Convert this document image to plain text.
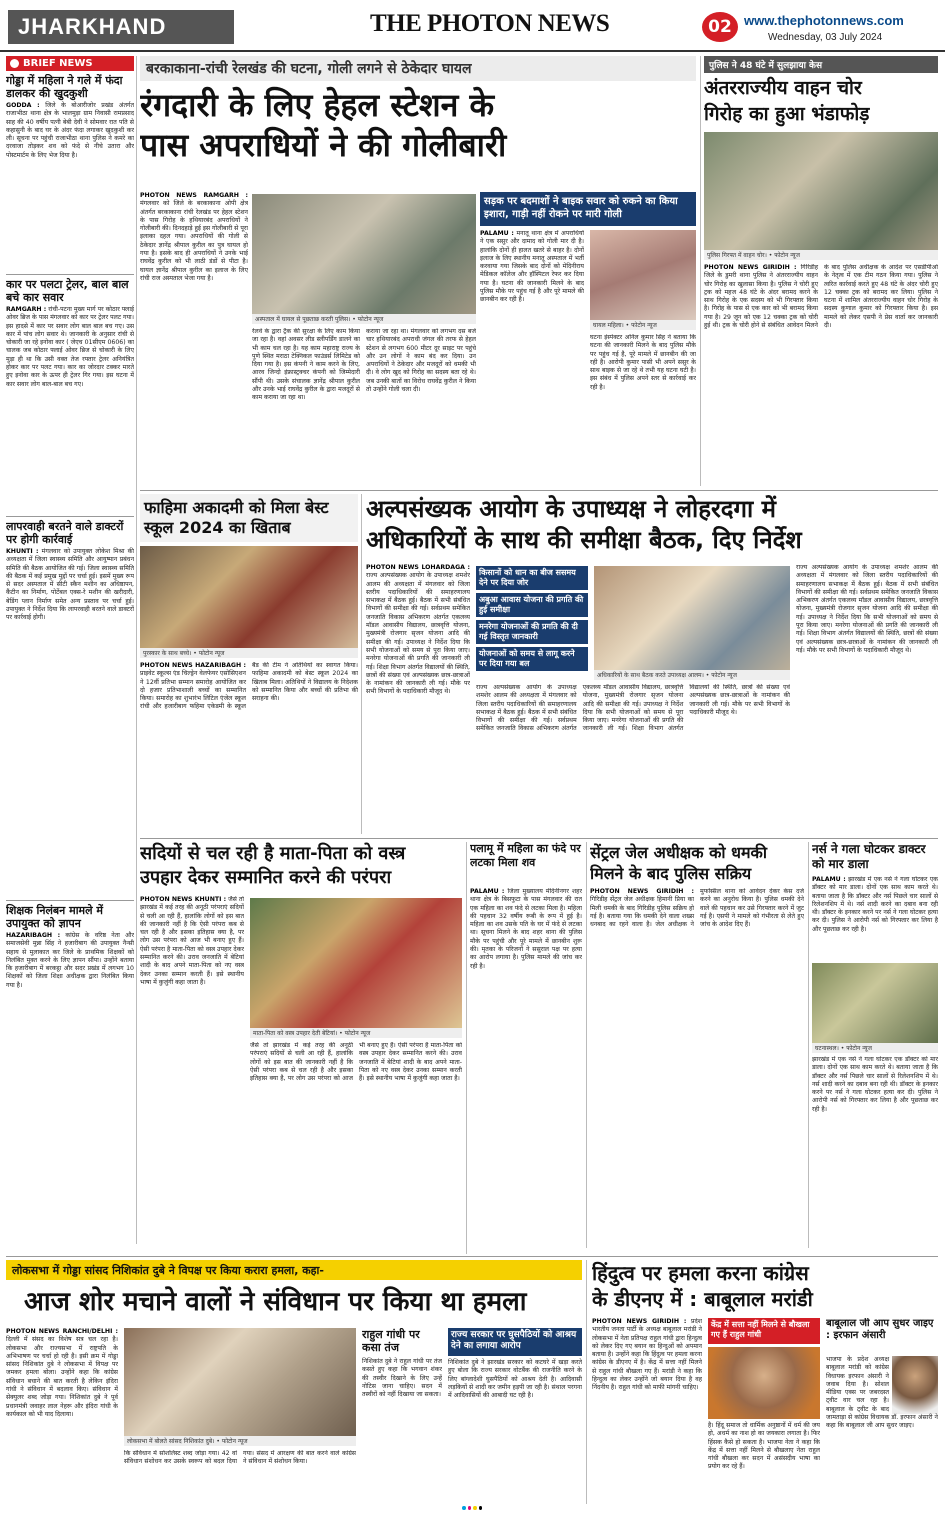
JHARKHAND	THE PHOTON NEWS	02 www.thephotonnews.com
Wednesday, 03 July 2024
BRIEF NEWS
गोड्डा में महिला ने गले में फंदा डालकर की खुदकुशी
GODDA : जिले के बोआरीजोर प्रखंड अंतर्गत राजाभीठा थाना क्षेत्र के भालमुड़ा ग्राम निवासी रामप्रसाद साह की 40 वर्षीय पत्नी बेबी देवी ने सोमवार रात पति से कहासुनी के बाद घर के अंदर फंदा लगाकर खुदकुशी कर ली। सूचना पर पहुंची राजाभीठा थाना पुलिस ने कमरे का दरवाजा तोड़कर शव को फंदे से नीचे उतारा और पोस्टमार्टम के लिए भेज दिया है।
कार पर पलटा ट्रेलर, बाल बाल बचे कार सवार
RAMGARH : रांची-पटना मुख्य मार्ग पर कोठार फ्लाई ओवर ब्रिज के पास मंगलवार को कार पर ट्रेलर पलट गया। इस हादसे में कार पर सवार लोग बाल बाल बच गए। उस कार में पांच लोग सवार थे। जानकारी के अनुसार रांची से चोकारी जा रहे इनोवा कार ( जेएच 01सीएम 0606) का चालक जब कोठार फ्लाई ओवर ब्रिज से चोकारी के लिए मुड़ा ही था कि उसी वक्त तेज रफ्तार ट्रेलर अनियंत्रित होकर कार पर पलट गया। कार का जोरदार टक्कर मारते हुए इनोवा कार के ऊपर ही ट्रेलर गिर गया। इस घटना में कार सवार लोग बाल-बाल बच गए।
लापरवाही बरतने वाले डाक्टरों पर होगी कार्रवाई
KHUNTI : मंगलवार को उपायुक्त लोकेश मिश्रा की अध्यक्षता में जिला स्वास्थ्य समिति और आयुष्मान प्रबंधन समिति की बैठक आयोजित की गई। जिला स्वास्थ्य समिति की बैठक में कई प्रमुख मुद्दों पर चर्चा हुई। इसमें मुख्य रूप से सदर अस्पताल में सीटी स्कैन मशीन का अधिष्ठापन, कैंटीन का निर्माण, पोर्टेबल एक्स-रे मशीन की खरीदारी, बेडिंग प्लान निर्माण समेत अन्य प्रस्ताव पर चर्चा हुई। उपायुक्त ने निर्देश दिया कि लापरवाही बरतने वाले डाक्टरों पर कार्रवाई होगी।
शिक्षक निलंबन मामले में उपायुक्त को ज्ञापन
HAZARIBAGH : कांग्रेस के वरिष्ठ नेता और समाजसेवी मुन्ना सिंह ने हजारीबाग की उपायुक्त नैन्सी सहाय से मुलाकात कर जिले के प्राथमिक शिक्षकों को निलंबित मुक्त करने के लिए ज्ञापन सौंपा। उन्होंने बताया कि हजारीबाग में बरकट्ठा और सदर प्रखंड में लगभग 10 शिक्षकों को जिला शिक्षा अधीक्षक द्वारा निलंबित किया गया है।
बरकाकाना-रांची रेलखंड की घटना, गोली लगने से ठेकेदार घायल
रंगदारी के लिए हेहल स्टेशन के
पास अपराधियों ने की गोलीबारी
PHOTON NEWS RAMGARH : मंगलवार को जिले के बरकाकाना ओपी क्षेत्र अंतर्गत बरकाकाना रांची रेलखंड पर हेहल स्टेशन के पास गिरोह के हथियारबंद अपराधियों ने गोलीबारी की। दिनदहाड़े हुई इस गोलीबारी से पूरा इलाका दहल गया। अपराधियों की गोली से ठेकेदार ज्ञानेंद्र श्रीपाल कुरील का पुत्र घायल हो गया है। इसके बाद ही अपराधियों ने उनके भाई राघवेंद्र कुरील को भी लाठी डंडों से पीटा है। घायल ज्ञानेंद्र श्रीपाल कुरील का इलाज के लिए रांची राज अस्पताल भेजा गया है।
अस्पताल में घायल से पूछताछ करती पुलिस। • फोटोन न्यूज
रेलवे के द्वारा ट्रैक की सुरक्षा के लिए काम किया जा रहा है। वहां अवसर लीड स्लीपर्डिंग डालने का भी काम चल रहा है। यह काम महाराष्ट्र राज्य के पुणे स्थित मराठा टेक्निकल फाउंडर्स लिमिटेड को दिया गया है। इस कंपनी ने काम करने के लिए, आरव जिन्दो इंफ्रास्ट्रक्चर कंपनी को जिम्मेदारी सौंपी थी। उसके संचालक ज्ञानेंद्र श्रीपाल कुरील और उनके भाई राघवेंद्र कुरील के द्वारा मजदूरों से काम कराया जा रहा था।
कराया जा रहा था। मंगलवार को लगभग दस बजे चार हथियारबंद अपराधी जंगल की तरफ से हेहल स्टेशन से लगभग 600 मीटर दूर साइट पर पहुंचे और उन लोगों ने काम बंद कर दिया। उन अपराधियों ने ठेकेदार और मजदूरों को धमकी भी दी। वे लोग खुद को गिरोह का सदस्य बता रहे थे। जब उनकी बातों का विरोध राघवेंद्र कुरील ने किया तो उन्होंने गोली चला दी।
सड़क पर बदमाशों ने बाइक सवार को रुकने का किया इशारा, गाड़ी नहीं रोकने पर मारी गोली
PALAMU : मनातू थाना क्षेत्र में अपराधियों ने एक ससुर और दामाद को गोली मार दी है। हालांकि दोनों ही हालत खतरे से बाहर है। दोनों इलाज के लिए स्थानीय मनातू अस्पताल में भर्ती करवाया गया जिसके बाद दोनों को मेदिनीराय मेडिकल कॉलेज और हॉस्पिटल रेफर कर दिया गया है। घटना की जानकारी मिलने के बाद पुलिस मौके पर पहुंच गई है और पूरे मामले की छानबीन कर रही है।
घायल महिला। • फोटोन न्यूज
घटना इंस्पेक्टर अनिल कुमार सिंह ने बताया कि घटना की जानकारी मिलने के बाद पुलिस मौके पर पहुंच गई है, पूरे मामले में छानबीन की जा रही है। आरोपी कुमार पासी भी अपने ससुर के साथ बाइक से जा रहे थे तभी यह घटना घटी है। इस संबंध में पुलिस अपने स्तर से कार्रवाई कर रही है।
पुलिस ने 48 घंटे में सुलझाया केस
अंतरराज्यीय वाहन चोर
गिरोह का हुआ भंडाफोड़
पुलिस गिरफ्त में वाहन चोर। • फोटोन न्यूज
PHOTON NEWS GIRIDIH : गिरिडीह जिले के डुमरी थाना पुलिस ने अंतरराज्यीय वाहन चोर गिरोह का खुलासा किया है। पुलिस ने चोरी हुए ट्रक को महज 48 घंटे के अंदर बरामद करने के साथ गिरोह के एक सदस्य को भी गिरफ्तार किया है। गिरोह के पास से एक कार को भी बरामद किया गया है। 29 जून को एक 12 चक्का ट्रक को चोरी हुई थी। ट्रक के चोरी होने से संबंधित आवेदन मिलने के बाद पुलिस अधीक्षक के आदेश पर एसडीपीओ के नेतृत्व में एक टीम गठन किया गया। पुलिस ने त्वरित कार्रवाई करते हुए 48 घंटे के अंदर चोरी हुए 12 चक्का ट्रक को बरामद कर लिया। पुलिस ने घटना में शामिल अंतरराज्यीय वाहन चोर गिरोह के सदस्य कुणाल कुमार को गिरफ्तार किया है। इस मामले को लेकर एसपी ने प्रेस वार्ता कर जानकारी दी।
फाहिमा अकादमी को मिला बेस्ट स्कूल 2024 का खिताब
पुरस्कार के साथ बच्चे। • फोटोन न्यूज
PHOTON NEWS HAZARIBAGH : प्राइवेट स्कूल्स एंड चिल्ड्रेन वेलफेयर एसोसिएशन ने 12वीं प्रतिभा सम्मान समारोह आयोजित कर दो हजार प्रतिभाशाली बच्चों का सम्मानित किया। समारोह का शुभारंभ लिटिल एंजेल स्कूल रांची और हजारीबाग फहिमा एकेडमी के स्कूल बैंड की टीम ने अतिथियों का स्वागत किया। फाहिमा अकादमी को बेस्ट स्कूल 2024 का खिताब मिला। अतिथियों ने विद्यालय के निदेशक को सम्मानित किया और बच्चों की प्रतिभा की सराहना की।
अल्पसंख्यक आयोग के उपाध्यक्ष ने लोहरदगा में
अधिकारियों के साथ की समीक्षा बैठक, दिए निर्देश
PHOTON NEWS LOHARDAGA : राज्य अल्पसंख्यक आयोग के उपाध्यक्ष शमशेर आलम की अध्यक्षता में मंगलवार को जिला स्तरीय पदाधिकारियों की समाहरणालय सभाकक्ष में बैठक हुई। बैठक में सभी संबंधित विभागों की समीक्षा की गई। सर्वप्रथम समेकित जनजाति विकास अभिकरण अंतर्गत एकलव्य मॉडल आवासीय विद्यालय, छात्रवृत्ति योजना, मुख्यमंत्री रोजगार सृजन योजना आदि की समीक्षा की गई। उपाध्यक्ष ने निर्देश दिया कि सभी योजनाओं को समय से पूरा किया जाए। मनरेगा योजनाओं की प्रगति की जानकारी ली गई। शिक्षा विभाग अंतर्गत विद्यालयों की स्थिति, छात्रों की संख्या एवं अल्पसंख्यक छात्र-छात्राओं के नामांकन की जानकारी ली गई। मौके पर सभी विभागों के पदाधिकारी मौजूद थे।
किसानों को धान का बीज ससमय देने पर दिया जोर
अबुआ आवास योजना की प्रगति की हुई समीक्षा
मनरेगा योजनाओं की प्रगति की दी गई विस्तृत जानकारी
योजनाओं को समय से लागू करने पर दिया गया बल
अधिकारियों के साथ बैठक करते उपाध्यक्ष आलम। • फोटोन न्यूज
राज्य अल्पसंख्यक आयोग के उपाध्यक्ष शमशेर आलम की अध्यक्षता में मंगलवार को जिला स्तरीय पदाधिकारियों की समाहरणालय सभाकक्ष में बैठक हुई। बैठक में सभी संबंधित विभागों की समीक्षा की गई। सर्वप्रथम समेकित जनजाति विकास अभिकरण अंतर्गत एकलव्य मॉडल आवासीय विद्यालय, छात्रवृत्ति योजना, मुख्यमंत्री रोजगार सृजन योजना आदि की समीक्षा की गई। उपाध्यक्ष ने निर्देश दिया कि सभी योजनाओं को समय से पूरा किया जाए। मनरेगा योजनाओं की प्रगति की जानकारी ली गई। शिक्षा विभाग अंतर्गत विद्यालयों की स्थिति, छात्रों की संख्या एवं अल्पसंख्यक छात्र-छात्राओं के नामांकन की जानकारी ली गई। मौके पर सभी विभागों के पदाधिकारी मौजूद थे।
राज्य अल्पसंख्यक आयोग के उपाध्यक्ष शमशेर आलम की अध्यक्षता में मंगलवार को जिला स्तरीय पदाधिकारियों की समाहरणालय सभाकक्ष में बैठक हुई। बैठक में सभी संबंधित विभागों की समीक्षा की गई। सर्वप्रथम समेकित जनजाति विकास अभिकरण अंतर्गत एकलव्य मॉडल आवासीय विद्यालय, छात्रवृत्ति योजना, मुख्यमंत्री रोजगार सृजन योजना आदि की समीक्षा की गई। उपाध्यक्ष ने निर्देश दिया कि सभी योजनाओं को समय से पूरा किया जाए। मनरेगा योजनाओं की प्रगति की जानकारी ली गई। शिक्षा विभाग अंतर्गत विद्यालयों की स्थिति, छात्रों की संख्या एवं अल्पसंख्यक छात्र-छात्राओं के नामांकन की जानकारी ली गई। मौके पर सभी विभागों के पदाधिकारी मौजूद थे।
सदियों से चल रही है माता-पिता को वस्त्र
उपहार देकर सम्मानित करने की परंपरा
PHOTON NEWS KHUNTI : जैसे तो झारखंड में कई तरह की अनूठी परंपराएं सदियों से चली आ रही हैं, हालांकि लोगों को इस बात की जानकारी नहीं है कि ऐसी परंपरा कब से चल रही है और इसका इतिहास क्या है, पर लोग उस परंपरा को आज भी बनाए हुए हैं। ऐसी परंपरा है माता-पिता को वस्त्र उपहार देकर सम्मानित करने की। उराव जनजाति में बेटियां शादी के बाद अपने माता-पिता को नए वस्त्र देकर उनका सम्मान करती हैं। इसे स्थानीय भाषा में कुजुंगी कहा जाता है।
माता-पिता को वस्त्र उपहार देती बेटियां। • फोटोन न्यूज
जैसे तो झारखंड में कई तरह की अनूठी परंपराएं सदियों से चली आ रही हैं, हालांकि लोगों को इस बात की जानकारी नहीं है कि ऐसी परंपरा कब से चल रही है और इसका इतिहास क्या है, पर लोग उस परंपरा को आज भी बनाए हुए हैं। ऐसी परंपरा है माता-पिता को वस्त्र उपहार देकर सम्मानित करने की। उराव जनजाति में बेटियां शादी के बाद अपने माता-पिता को नए वस्त्र देकर उनका सम्मान करती हैं। इसे स्थानीय भाषा में कुजुंगी कहा जाता है।
पलामू में महिला का फंदे पर लटका मिला शव
PALAMU : जिला मुख्यालय मेदिनीनगर शहर थाना क्षेत्र के बिसफुटा के पास मंगलवार की रात एक महिला का शव फंदे से लटका मिला है। महिला की पहचान 32 वर्षीय रूबी के रूप में हुई है। महिला का शव उसके पति के घर में फंदे से लटका था। सूचना मिलने के बाद शहर थाना की पुलिस मौके पर पहुंची और पूरे मामले में छानबीन शुरू की। मृतका के परिजनों ने ससुराल पक्ष पर हत्या का आरोप लगाया है। पुलिस मामले की जांच कर रही है।
सेंट्रल जेल अधीक्षक को धमकी
मिलने के बाद पुलिस सक्रिय
PHOTON NEWS GIRIDIH : गिरिडीह सेंट्रल जेल अधीक्षक हिमानी प्रिया का मिली धमकी के बाद गिरिडीह पुलिस सक्रिय हो गई है। बताया गया कि धमकी देने वाला शख्स धनबाद का रहने वाला है। जेल अधीक्षक ने मुफस्सिल थाना को आवेदन देकर केस दर्ज करने का अनुरोध किया है। पुलिस धमकी देने वाले की पहचान कर उसे गिरफ्तार करने में जुट गई है। एसपी ने मामले को गंभीरता से लेते हुए जांच के आदेश दिए हैं।
नर्स ने गला घोटकर डाक्टर को मार डाला
PALAMU : झारखंड में एक नर्स ने गला घोटकर एक डॉक्टर को मार डाला। दोनों एक साथ काम करते थे। बताया जाता है कि डॉक्टर और नर्स पिछले चार सालों से रिलेशनशिप में थे। नर्स शादी करने का दबाव बना रही थी। डॉक्टर के इनकार करने पर नर्स ने गला घोटकर हत्या कर दी। पुलिस ने आरोपी नर्स को गिरफ्तार कर लिया है और पूछताछ कर रही है।
घटनास्थल। • फोटोन न्यूज
झारखंड में एक नर्स ने गला घोटकर एक डॉक्टर को मार डाला। दोनों एक साथ काम करते थे। बताया जाता है कि डॉक्टर और नर्स पिछले चार सालों से रिलेशनशिप में थे। नर्स शादी करने का दबाव बना रही थी। डॉक्टर के इनकार करने पर नर्स ने गला घोटकर हत्या कर दी। पुलिस ने आरोपी नर्स को गिरफ्तार कर लिया है और पूछताछ कर रही है।
लोकसभा में गोड्डा सांसद निशिकांत दुबे ने विपक्ष पर किया करारा हमला, कहा-
आज शोर मचाने वालों ने संविधान पर किया था हमला
PHOTON NEWS RANCHI/DELHI : दिल्ली में संसद का विशेष सत्र चल रहा है। लोकसभा और राज्यसभा में राष्ट्रपति के अभिभाषण पर चर्चा हो रही है। इसी क्रम में गोड्डा सांसद निशिकांत दुबे ने लोकसभा में विपक्ष पर जमकर हमला बोला। उन्होंने कहा कि कांग्रेस संविधान बचाने की बात करती है लेकिन इंदिरा गांधी ने संविधान में बदलाव किए। संविधान में सेक्युलर शब्द जोड़ा गया। निशिकांत दुबे ने पूर्व प्रधानमंत्री जवाहर लाल नेहरू और इंदिरा गांधी के कार्यकाल को भी याद दिलाया।
लोकसभा में बोलते सांसद निशिकांत दुबे। • फोटोन न्यूज
कि संविधान में सोशलिस्ट शब्द जोड़ा गया। 42 वां संविधान संशोधन कर उसके स्वरूप को बदल दिया गया। संसद में आरक्षण की बात करने वाले कांग्रेस ने संविधान में संशोधन किया।
राहुल गांधी पर कसा तंज
निशिकांत दुबे ने राहुल गांधी पर तंज कसते हुए कहा कि भगवान शंकर की तस्वीर दिखाने के लिए उन्हें नोटिस जाना चाहिए। सदन में तस्वीरों को नहीं दिखाया जा सकता।
राज्य सरकार पर घुसपैठियों को आश्रय देने का लगाया आरोप
निशिकांत दुबे ने झारखंड सरकार को कटघरे में खड़ा करते हुए बोला कि राज्य सरकार वोटबैंक की राजनीति करने के लिए बांग्लादेशी घुसपैठियों को आश्रय देती है। आदिवासी लड़कियों से शादी कर जमीन हड़पी जा रही है। संथाल परगना में आदिवासियों की आबादी घट रही है।
हिंदुत्व पर हमला करना कांग्रेस
के डीएनए में : बाबूलाल मरांडी
PHOTON NEWS GIRIDIH : प्रदेश भारतीय जनता पार्टी के अध्यक्ष बाबूलाल मरांडी ने लोकसभा में नेता प्रतिपक्ष राहुल गांधी द्वारा हिन्दुत्व को लेकर दिए गए बयान का हिन्दुओं को अपमान बताया है। उन्होंने कहा कि हिंदुत्व पर हमला करना कांग्रेस के डीएनए में है। केंद्र में सत्ता नहीं मिलने से राहुल गांधी बौखला गए हैं। मरांडी ने कहा कि हिन्दुत्व का लेकर उन्होंने जो बयान दिया है वह निंदनीय है। राहुल गांधी को माफी मांगनी चाहिए।
केंद्र में सत्ता नहीं मिलने से बौखला गए हैं राहुल गांधी
है। हिंदू समाज तो धार्मिक अनुष्ठानों में धर्म की जय हो, अधर्म का नाश हो का जयकारा लगाता है। फिर हिंसक कैसे हो सकता है। भाजपा नेता ने कहा कि केंद्र में सत्ता नहीं मिलने से बौखलाए नेता राहुल गांधी बौखला कर सदन में असंसदीय भाषा का प्रयोग कर रहे हैं।
बाबूलाल जी आप सुधर जाइए : इरफान अंसारी
भाजपा के प्रदेश अध्यक्ष बाबूलाल मरांडी को कांग्रेस विधायक इरफान अंसारी ने जवाब दिया है। सोशल मीडिया एक्स पर जबरदस्त ट्वीट वार चल रहा है। बाबूलाल के ट्वीट के बाद जामताड़ा से कांग्रेस विधायक डॉ. इरफान अंसारी ने कहा कि बाबूलाल जी आप सुधर जाइए।
